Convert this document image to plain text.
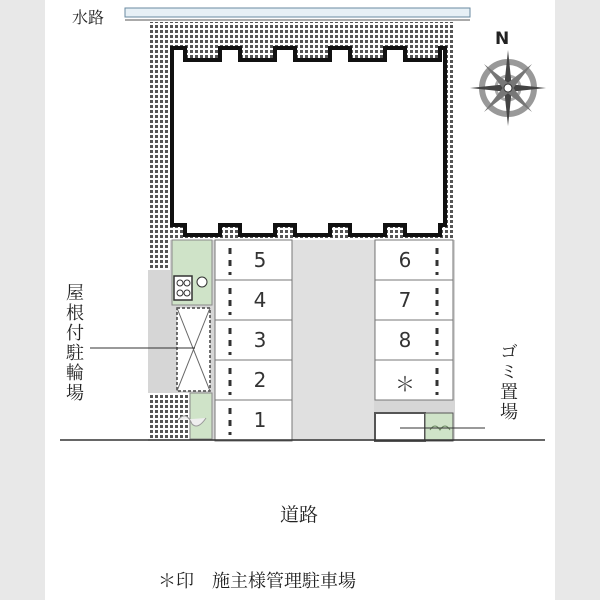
水路
N
屋根付駐輪場	ゴミ置場
道路
＊印　施主様管理駐車場
5
4
3
2
1
6
7
8
＊
